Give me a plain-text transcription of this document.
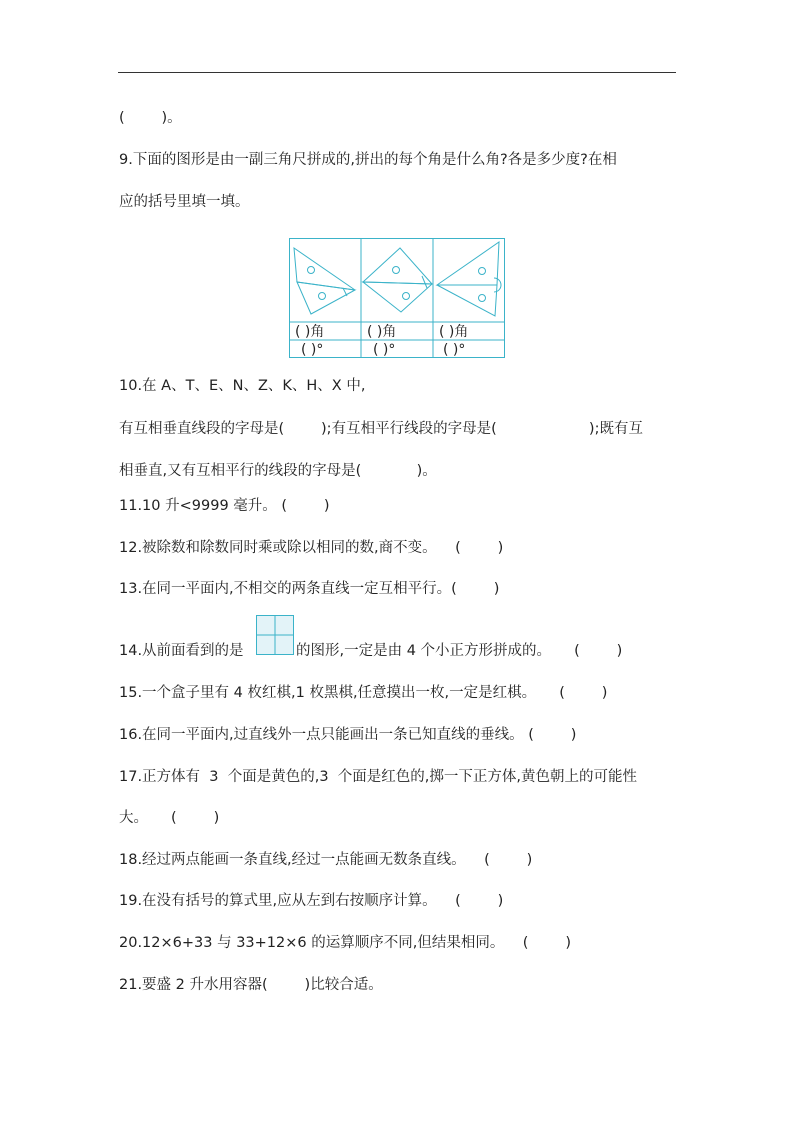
(        )。
9.下面的图形是由一副三角尺拼成的,拼出的每个角是什么角?各是多少度?在相
应的括号里填一填。
( )角	( )角	( )角
( )°	( )°	( )°
10.在 A、T、E、N、Z、K、H、X 中,
有互相垂直线段的字母是(        );有互相平行线段的字母是(                    );既有互
相垂直,又有互相平行的线段的字母是(            )。
11.10 升<9999 毫升。 (        )
12.被除数和除数同时乘或除以相同的数,商不变。    (        )
13.在同一平面内,不相交的两条直线一定互相平行。(        )
14.从前面看到的是	的图形,一定是由 4 个小正方形拼成的。     (        )
15.一个盒子里有 4 枚红棋,1 枚黑棋,任意摸出一枚,一定是红棋。     (        )
16.在同一平面内,过直线外一点只能画出一条已知直线的垂线。 (        )
17.正方体有  3  个面是黄色的,3  个面是红色的,掷一下正方体,黄色朝上的可能性
大。     (        )
18.经过两点能画一条直线,经过一点能画无数条直线。    (        )
19.在没有括号的算式里,应从左到右按顺序计算。    (        )
20.12×6+33 与 33+12×6 的运算顺序不同,但结果相同。    (        )
21.要盛 2 升水用容器(        )比较合适。
